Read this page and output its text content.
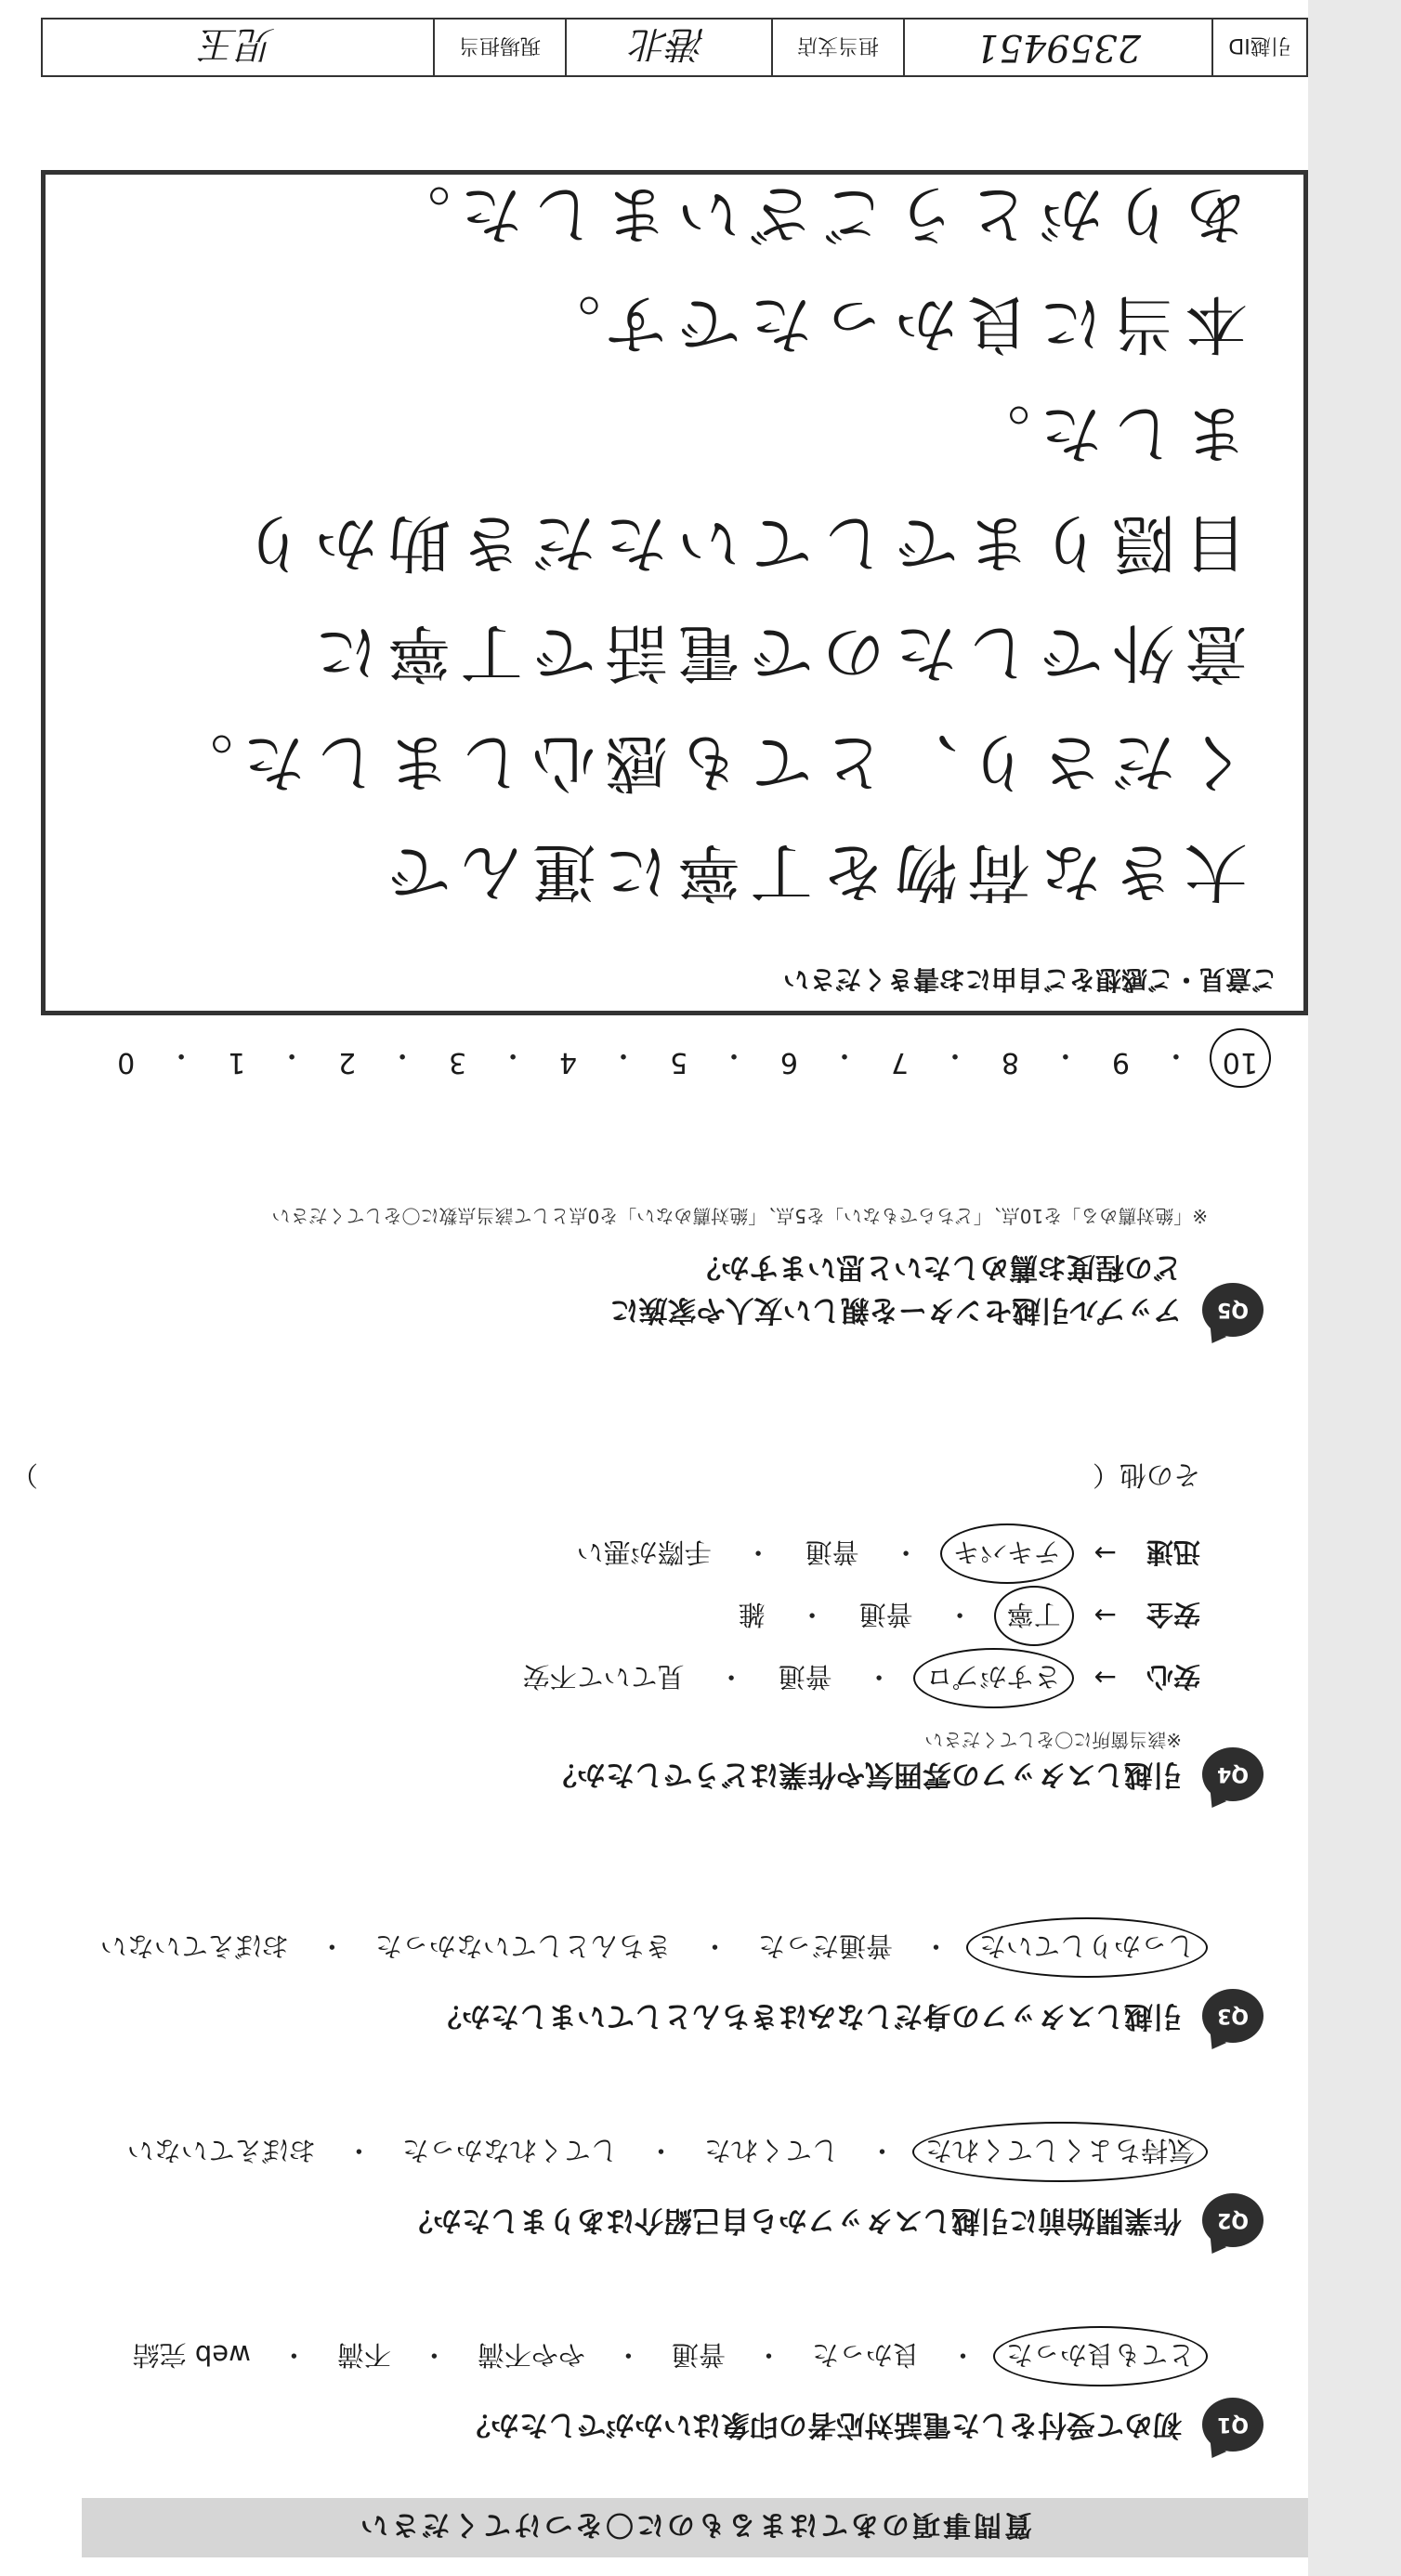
質問事項のあてはまるものに〇をつけてください
Q1
初めて受付をした電話対応者の印象はいかがでしたか？
とても良かった
・
良かった
・
普通
・
やや不満
・
不満
・
web 完結
Q2
作業開始前に引越しスタッフから自己紹介はありましたか？
気持ちよくしてくれた
・
してくれた
・
してくれなかった
・
おぼえていない
Q3
引越しスタッフの身だしなみはきちんとしていましたか？
しっかりしていた
・
普通だった
・
きちんとしていなかった
・
おぼえていない
Q4
引越しスタッフの雰囲気や作業はどうでしたか？
※該当箇所に〇をしてください
安心
→
さすがプロ
・
普通
・
見ていて不安
安全
→
丁寧
・
普通
・
雑
迅速
→
テキパキ
・
普通
・
手際が悪い
その他（
）
Q5
アップル引越センターを親しい友人や家族に
どの程度お薦めしたいと思いますか？
※「絶対薦める」を10点、「どちらでもない」を5点、「絶対薦めない」を0点として該当点数に〇をしてください
10
・
9
・
8
・
7
・
6
・
5
・
4
・
3
・
2
・
1
・
0
ご意見・ご感想をご自由にお書きください
大きな荷物を丁寧に運んで
くださり、とても感心しました。
意外でしたので電話で丁寧に
目隠りまでしていただき助かり
ました。
本当に良かったです。
ありがとうございました。
引越ID
2359451
担当支店
港北
現場担当
児玉
